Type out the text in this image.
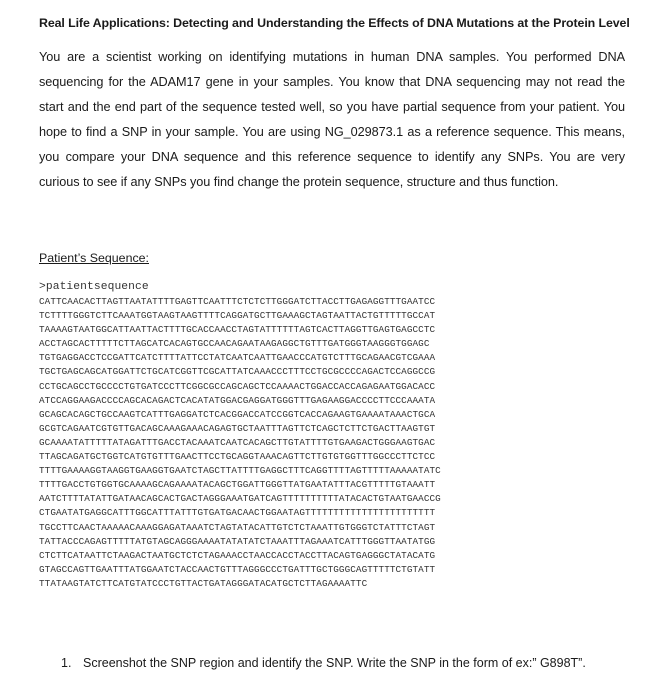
Real Life Applications: Detecting and Understanding the Effects of DNA Mutations at the Protein Level
You are a scientist working on identifying mutations in human DNA samples. You performed DNA sequencing for the ADAM17 gene in your samples. You know that DNA sequencing may not read the start and the end part of the sequence tested well, so you have partial sequence from your patient. You hope to find a SNP in your sample. You are using NG_029873.1 as a reference sequence. This means, you compare your DNA sequence and this reference sequence to identify any SNPs. You are very curious to see if any SNPs you find change the protein sequence, structure and thus function.
Patient’s Sequence:
>patientsequence
CATTCAACACTTAGTTAATATTTTGAGTTCAATTTCTCTCTTGGGATCTTACCTTGAGAGGTTTGAATCC
TCTTTTGGGTCTTCAAATGGTAAGTAAGTTTTCAGGATGCTTGAAAGCTAGTAATTACTGTTTTTGCCAT
TAAAAGTAATGGCATTAATTACTTTTGCACCAACCTAGTATTTTTTAGTCACTTAGGTTGAGTGAGCCTC
ACCTAGCACTTTTTCTTAGCATCACAGTGCCAACAGAATAAGAGGCTGTTTGATGGGTAAGGGTGGAGC
TGTGAGGACCTCCGATTCATCTTTTATTCCTATCAATCAATTGAACCCATGTCTTTGCAGAACGTCGAAA
TGCTGAGCAGCATGGATTCTGCATCGGTTCGCATTATCAAACCCTTTCCTGCGCCCCAGACTCCAGGCCG
CCTGCAGCCTGCCCCTGTGATCCCTTCGGCGCCAGCAGCTCCAAAACTGGACCACCAGAGAATGGACACC
ATCCAGGAAGACCCCAGCACAGACTCACATATGGACGAGGATGGGTTTGAGAAGGACCCCTTCCCAAATA
GCAGCACAGCTGCCAAGTCATTTGAGGATCTCACGGACCATCCGGTCACCAGAAGTGAAAATAAACTGCA
GCGTCAGAATCGTGTTGACAGCAAAGAAACAGAGTGCTAATTTAGTTCTCAGCTCTTCTGACTTAAGTGT
GCAAAATATTTTTATAGATTTGACCTACAAATCAATCACAGCTTGTATTTTGTGAAGACTGGGAAGTGAC
TTAGCAGATGCTGGTCATGTGTTTGAACTTCCTGCAGGTAAACAGTTCTTGTGTGGTTTGGCCCTTCTCC
TTTTGAAAAGGTAAGGTGAAGGTGAATCTAGCTTATTTTGAGGCTTTCAGGTTTTAGTTTTTAAAAATATC
TTTTGACCTGTGGTGCAAAAGCAGAAAATACAGCTGGATTGGGTTATGAATATTTACGTTTTTGTAAATT
AATCTTTTATATTGATAACAGCACTGACTAGGGAAATGATCAGTTTTTTTTTTATACACTGTAATGAACCG
CTGAATATGAGGCATTTGGCATTTATTTGTGATGACAACTGGAATAGTTTTTTTTTTTTTTTTTTTTTTT
TGCCTTCAACTAAAAACAAAGGAGATAAATCTAGTATACATTGTCTCTAAATTGTGGGTCTATTTCTAGT
TATTACCCAGAGTTTTTATGTAGCAGGGAAAATATATATCTAAATTTAGAAATCATTTGGGTTAATATGG
CTCTTCATAATTCTAAGACTAATGCTCTCTAGAAACCTAACCACCTACCTTACAGTGAGGGCTATACATG
GTAGCCAGTTGAATTTATGGAATCTACCAACTGTTTAGGGCCCTGATTTGCTGGGCAGTTTTTCTGTATT
TTATAAGTATCTTCATGTATCCCTGTTACTGATAGGGATACATGCTCTTAGAAAATTC
1. Screenshot the SNP region and identify the SNP. Write the SNP in the form of ex:” G898T”.
